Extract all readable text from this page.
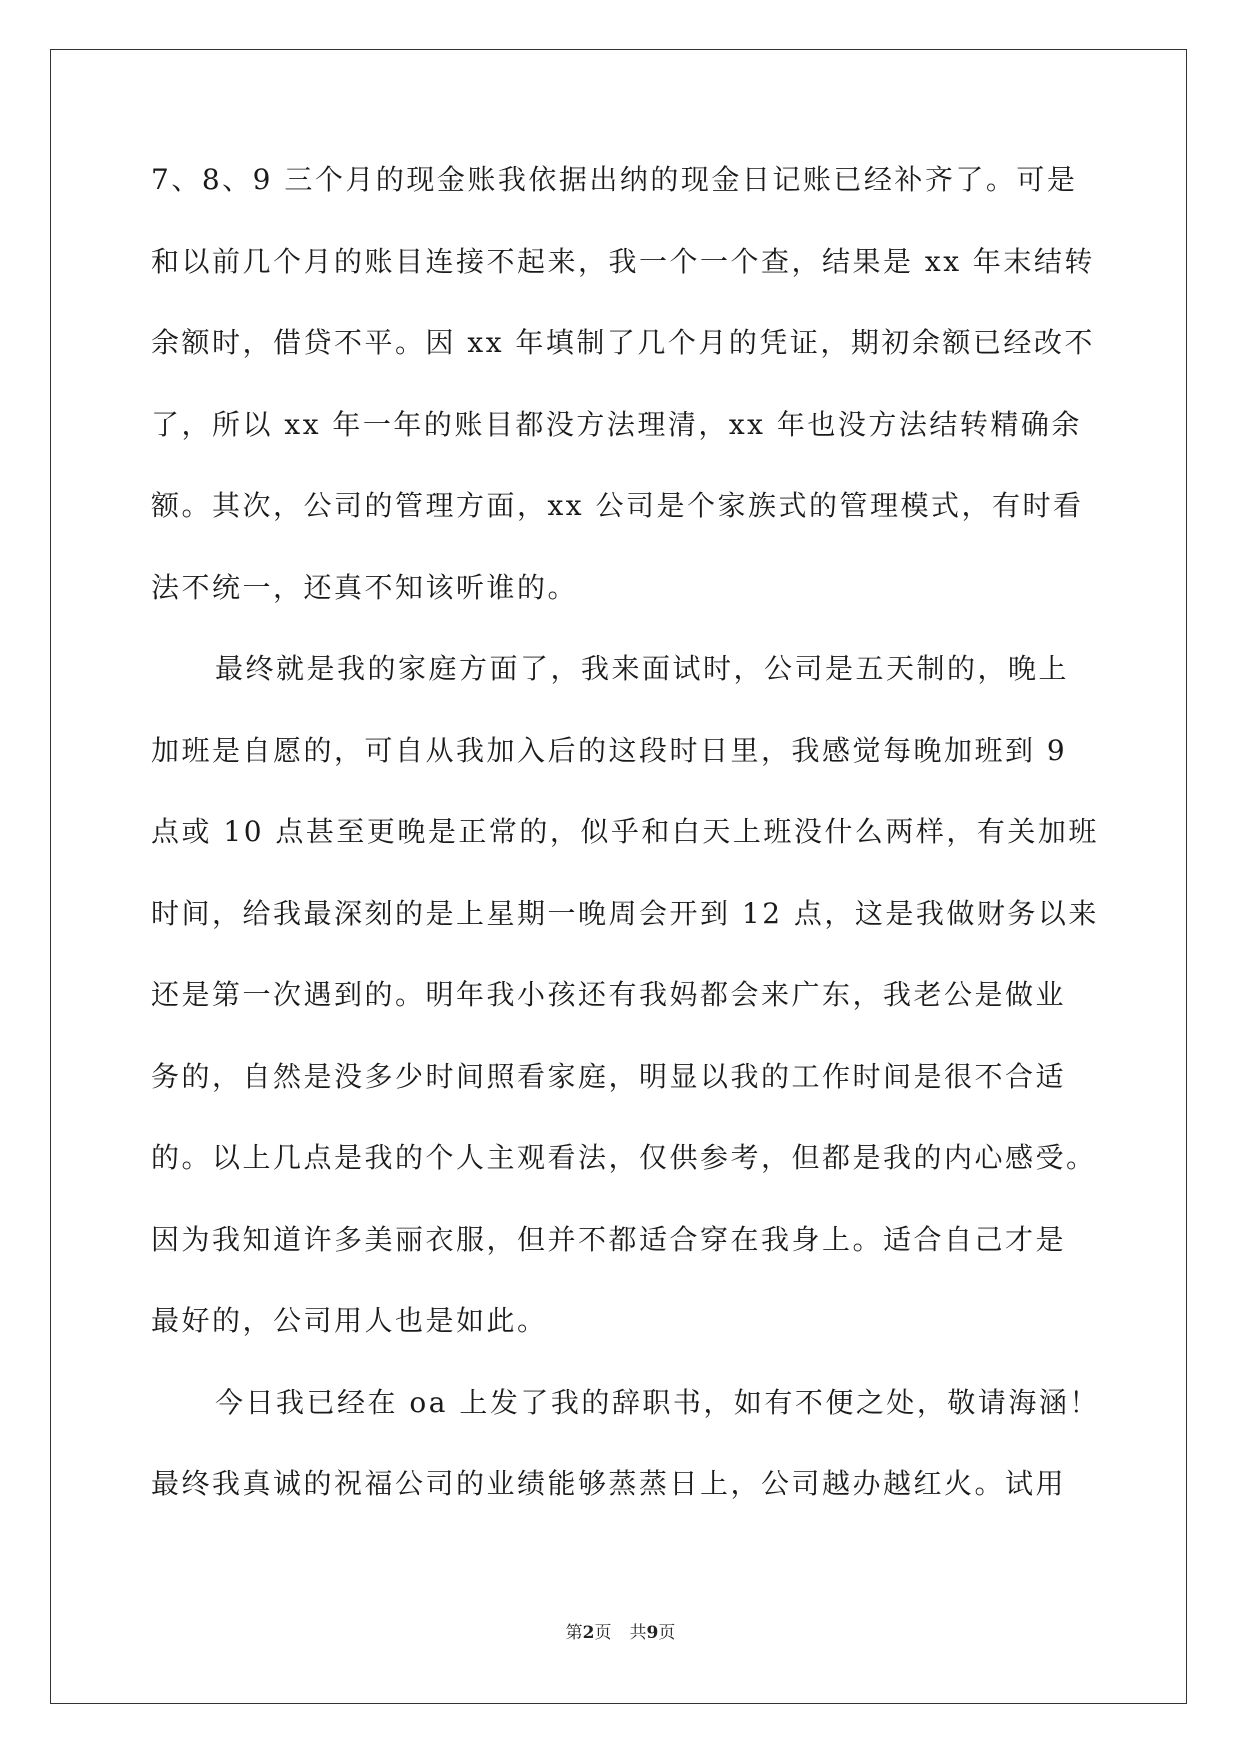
7、8、9 三个月的现金账我依据出纳的现金日记账已经补齐了。可是
和以前几个月的账目连接不起来，我一个一个查，结果是 xx 年末结转
余额时，借贷不平。因 xx 年填制了几个月的凭证，期初余额已经改不
了，所以 xx 年一年的账目都没方法理清，xx 年也没方法结转精确余
额。其次，公司的管理方面，xx 公司是个家族式的管理模式，有时看
法不统一，还真不知该听谁的。
最终就是我的家庭方面了，我来面试时，公司是五天制的，晚上
加班是自愿的，可自从我加入后的这段时日里，我感觉每晚加班到 9
点或 10 点甚至更晚是正常的，似乎和白天上班没什么两样，有关加班
时间，给我最深刻的是上星期一晚周会开到 12 点，这是我做财务以来
还是第一次遇到的。明年我小孩还有我妈都会来广东，我老公是做业
务的，自然是没多少时间照看家庭，明显以我的工作时间是很不合适
的。以上几点是我的个人主观看法，仅供参考，但都是我的内心感受。
因为我知道许多美丽衣服，但并不都适合穿在我身上。适合自己才是
最好的，公司用人也是如此。
今日我已经在 oa 上发了我的辞职书，如有不便之处，敬请海涵！
最终我真诚的祝福公司的业绩能够蒸蒸日上，公司越办越红火。试用
第2页 共9页
